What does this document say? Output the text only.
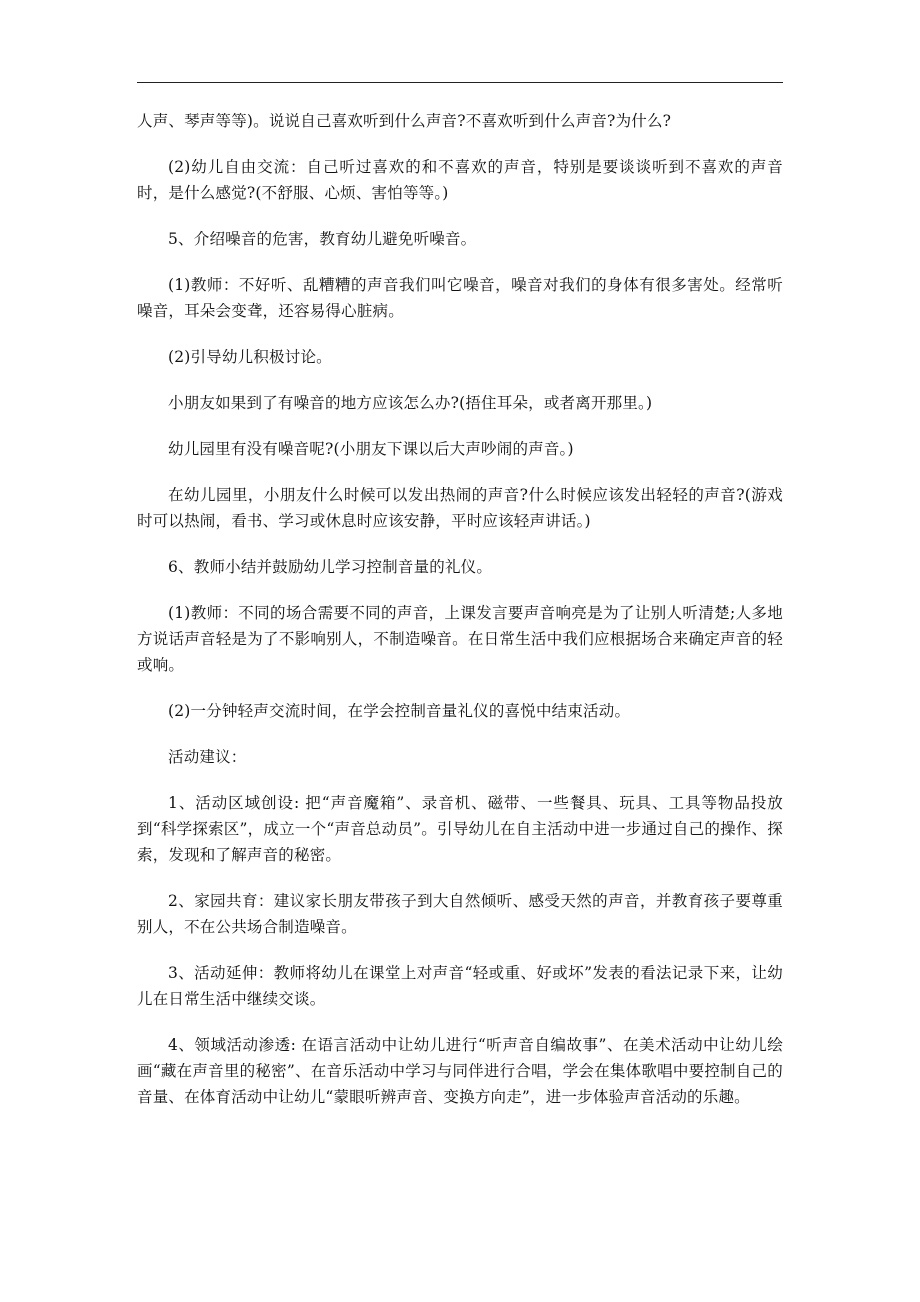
人声、琴声等等)。说说自己喜欢听到什么声音?不喜欢听到什么声音?为什么?

(2)幼儿自由交流：自己听过喜欢的和不喜欢的声音，特别是要谈谈听到不喜欢的声音时，是什么感觉?(不舒服、心烦、害怕等等。)

5、介绍噪音的危害，教育幼儿避免听噪音。

(1)教师：不好听、乱糟糟的声音我们叫它噪音，噪音对我们的身体有很多害处。经常听噪音，耳朵会变聋，还容易得心脏病。

(2)引导幼儿积极讨论。

小朋友如果到了有噪音的地方应该怎么办?(捂住耳朵，或者离开那里。)

幼儿园里有没有噪音呢?(小朋友下课以后大声吵闹的声音。)

在幼儿园里，小朋友什么时候可以发出热闹的声音?什么时候应该发出轻轻的声音?(游戏时可以热闹，看书、学习或休息时应该安静，平时应该轻声讲话。)

6、教师小结并鼓励幼儿学习控制音量的礼仪。

(1)教师：不同的场合需要不同的声音，上课发言要声音响亮是为了让别人听清楚;人多地方说话声音轻是为了不影响别人，不制造噪音。在日常生活中我们应根据场合来确定声音的轻或响。

(2)一分钟轻声交流时间，在学会控制音量礼仪的喜悦中结束活动。

活动建议：

1、活动区域创设: 把“声音魔箱”、录音机、磁带、一些餐具、玩具、工具等物品投放到“科学探索区”，成立一个“声音总动员”。引导幼儿在自主活动中进一步通过自己的操作、探索，发现和了解声音的秘密。

2、家园共育：建议家长朋友带孩子到大自然倾听、感受天然的声音，并教育孩子要尊重别人，不在公共场合制造噪音。

3、活动延伸：教师将幼儿在课堂上对声音“轻或重、好或坏”发表的看法记录下来，让幼儿在日常生活中继续交谈。

4、领域活动渗透: 在语言活动中让幼儿进行“听声音自编故事”、在美术活动中让幼儿绘画“藏在声音里的秘密”、在音乐活动中学习与同伴进行合唱，学会在集体歌唱中要控制自己的音量、在体育活动中让幼儿“蒙眼听辨声音、变换方向走”，进一步体验声音活动的乐趣。
